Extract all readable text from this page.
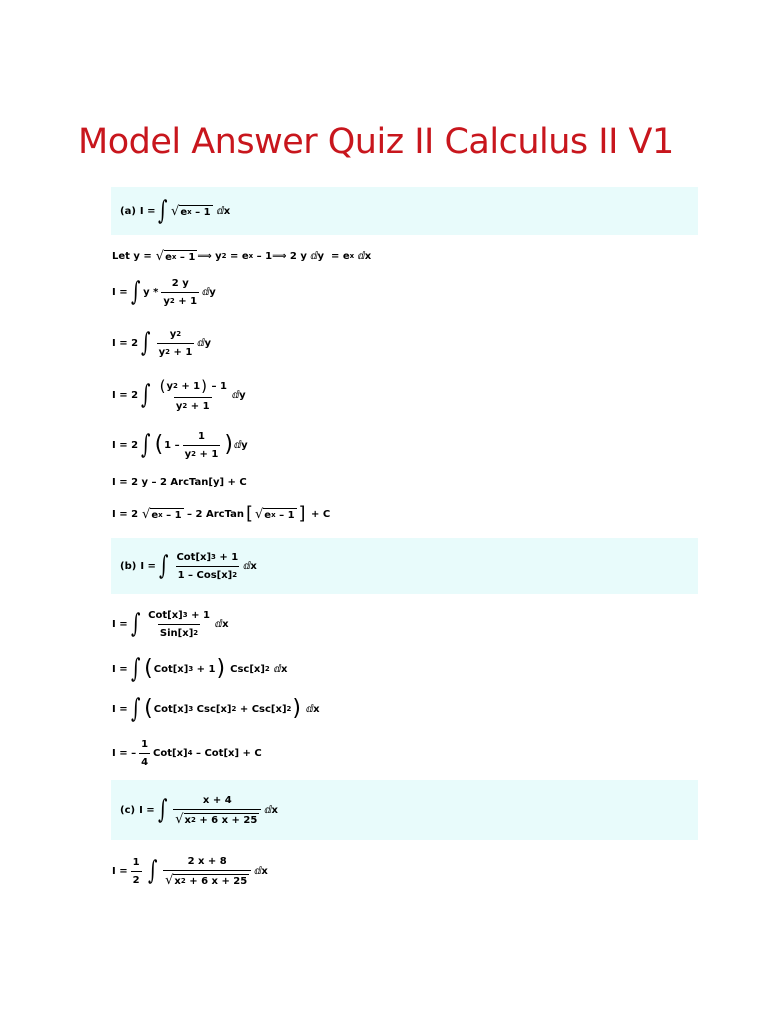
Model Answer Quiz II Calculus II V1
(a) I = ∫ √ e x – 1 ⅆx
Let y = √ e x – 1 ⟹ y 2 = e x – 1 ⟹ 2 y ⅆy  = e x ⅆx
I = ∫ y * $\frac{2 y}{y 2 + 1}$ ⅆy
I = 2 ∫ $\frac{y 2}{y 2 + 1}$ ⅆy
I = 2 ∫ $\frac{( y 2 + 1 ) - 1}{y 2 + 1}$ ⅆy
I = 2 ∫ ( $1 - \frac{1}{y 2 + 1}$ ) ⅆy
I = 2 y – 2 ArcTan[y] + C
I = 2 √ e x – 1 – 2 ArcTan [ √ e x – 1 ] + C
(b) I = ∫ $\frac{\text{Cot[x] 3 + 1}}{\text{1 – Cos[x] 2}}$ ⅆx
I = ∫ $\frac{\text{Cot[x] 3 + 1}}{\text{Sin[x] 2}}$ ⅆx
I = ∫ ( Cot[x] 3 + 1 ) Csc[x] 2 ⅆx
I = ∫ ( Cot[x] 3 Csc[x] 2 + Csc[x] 2 ) ⅆx
I = – $\frac{1}{4} Cot[x]$ 4 – Cot[x] + C
(c) I = ∫ $\frac{x + 4}{√ x 2 + 6 x + 25}$ ⅆx
$I = \frac{1}{2}$ ∫ $\frac{2 x + 8}{√ x 2 + 6 x + 25}$ ⅆx
